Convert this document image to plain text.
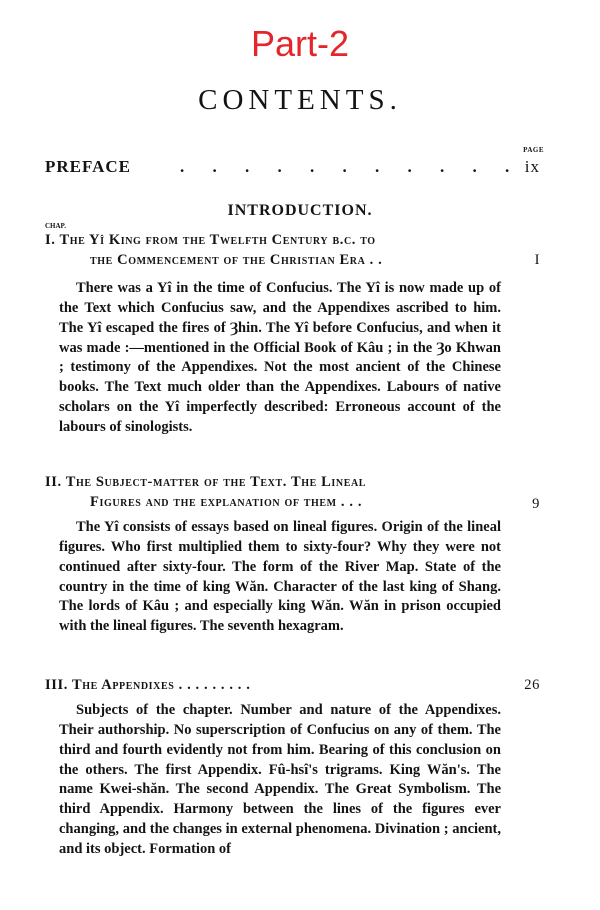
Part-2
CONTENTS.
PAGE
PREFACE	. . . . . . . . . . . ix
INTRODUCTION.
CHAP.
I. The Yî King from the Twelfth Century b.c. to
the Commencement of the Christian Era . .	I

There was a Yî in the time of Confucius. The Yî is now made up of the Text which Confucius saw, and the Appendixes ascribed to him. The Yî escaped the fires of Ȝhin. The Yî before Confucius, and when it was made :—mentioned in the Official Book of Kâu ; in the Ȝo Khwan ; testimony of the Appendixes. Not the most ancient of the Chinese books. The Text much older than the Appendixes. Labours of native scholars on the Yî imperfectly described: Erroneous account of the labours of sinologists.

II. The Subject-matter of the Text. The Lineal
Figures and the explanation of them . . .	9

The Yî consists of essays based on lineal figures. Origin of the lineal figures. Who first multiplied them to sixty-four? Why they were not continued after sixty-four. The form of the River Map. State of the country in the time of king Wăn. Character of the last king of Shang. The lords of Kâu ; and especially king Wăn. Wăn in prison occupied with the lineal figures. The seventh hexagram.

III. The Appendixes . . . . . . . . .	26

Subjects of the chapter. Number and nature of the Appendixes. Their authorship. No superscription of Confucius on any of them. The third and fourth evidently not from him. Bearing of this conclusion on the others. The first Appendix. Fû-hsî's trigrams. King Wăn's. The name Kwei-shăn. The second Appendix. The Great Symbolism. The third Appendix. Harmony between the lines of the figures ever changing, and the changes in external phenomena. Divination ; ancient, and its object. Formation of
